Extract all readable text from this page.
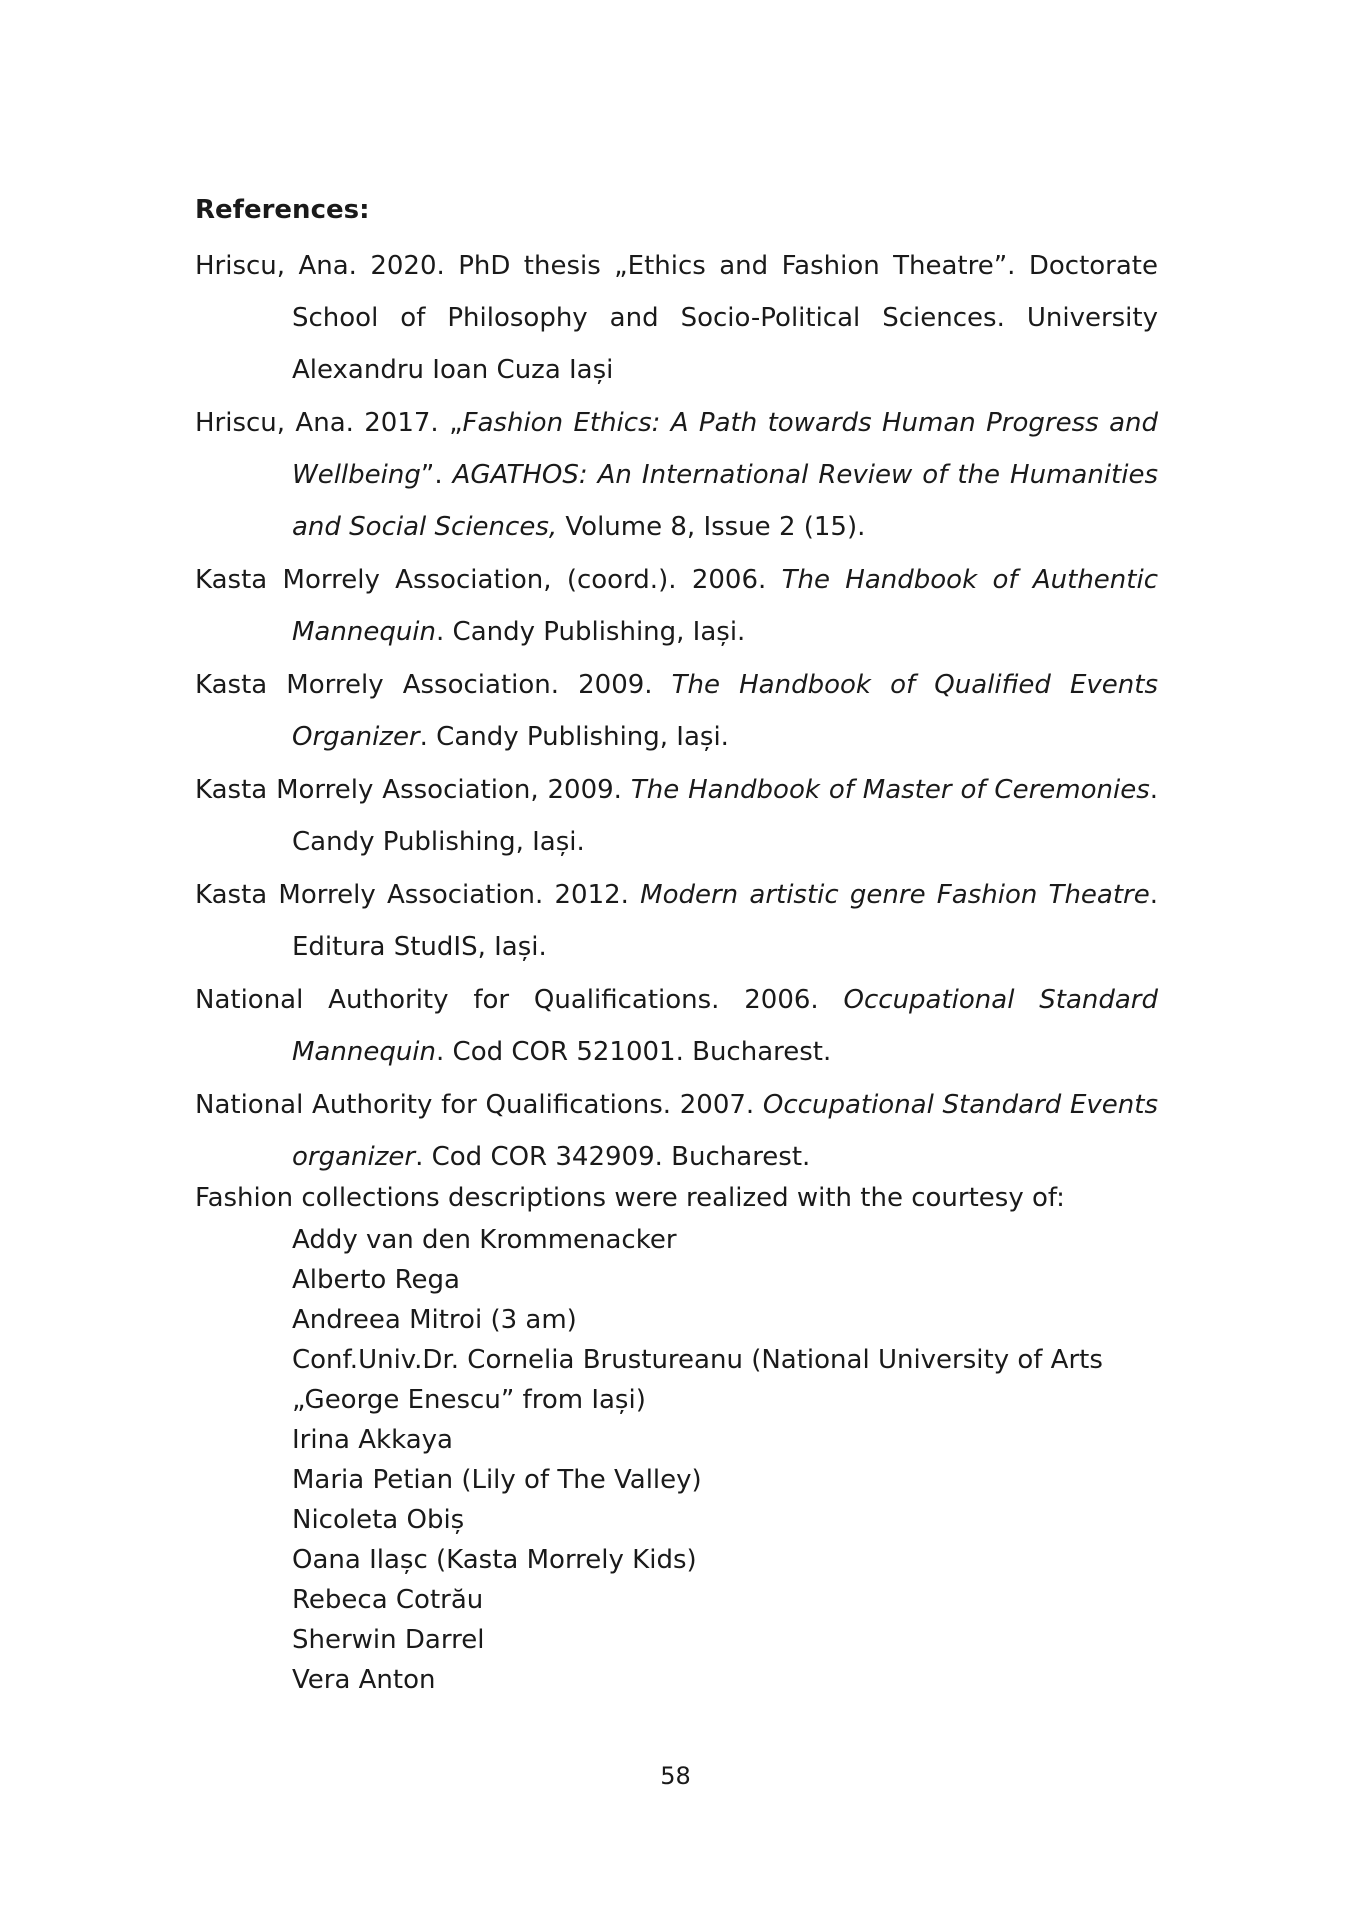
References:
Hriscu, Ana. 2020. PhD thesis „Ethics and Fashion Theatre”. Doctorate School of Philosophy and Socio-Political Sciences. University Alexandru Ioan Cuza Iași
Hriscu, Ana. 2017. „Fashion Ethics: A Path towards Human Progress and Wellbeing”. AGATHOS: An International Review of the Humanities and Social Sciences, Volume 8, Issue 2 (15).
Kasta Morrely Association, (coord.). 2006. The Handbook of Authentic Mannequin. Candy Publishing, Iași.
Kasta Morrely Association. 2009. The Handbook of Qualified Events Organizer. Candy Publishing, Iași.
Kasta Morrely Association, 2009. The Handbook of Master of Ceremonies. Candy Publishing, Iași.
Kasta Morrely Association. 2012. Modern artistic genre Fashion Theatre. Editura StudIS, Iași.
National Authority for Qualifications. 2006. Occupational Standard Mannequin. Cod COR 521001. Bucharest.
National Authority for Qualifications. 2007. Occupational Standard Events organizer. Cod COR 342909. Bucharest.

Fashion collections descriptions were realized with the courtesy of:

Addy van den Krommenacker
Alberto Rega
Andreea Mitroi (3 am)
Conf.Univ.Dr. Cornelia Brustureanu (National University of Arts „George Enescu” from Iași)
Irina Akkaya
Maria Petian (Lily of The Valley)
Nicoleta Obiș
Oana Ilașc (Kasta Morrely Kids)
Rebeca Cotrău
Sherwin Darrel
Vera Anton
58
